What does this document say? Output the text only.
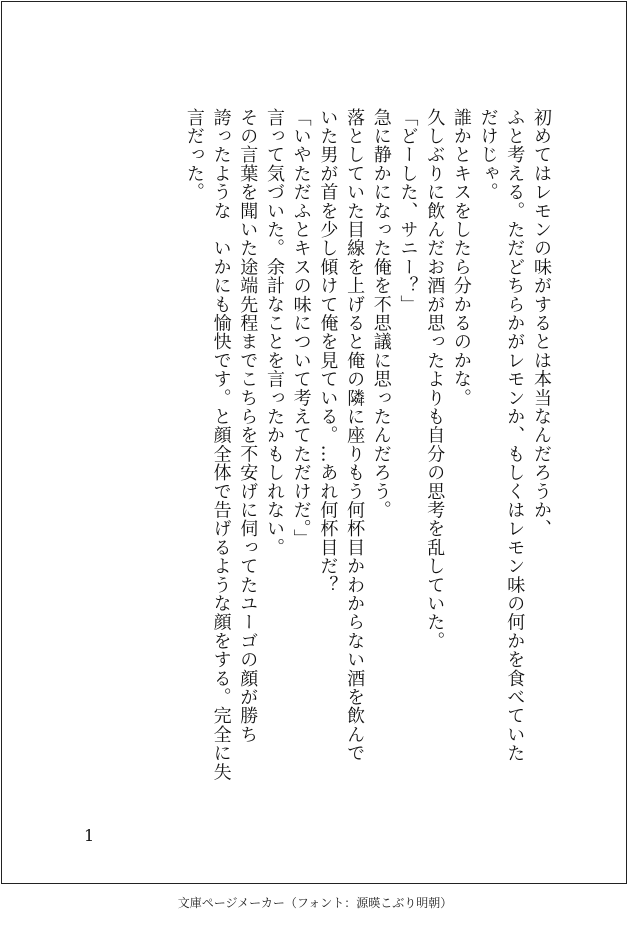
初めてはレモンの味がするとは本当なんだろうか、
ふと考える。ただどちらかがレモンか、もしくはレモン味の何かを食べていた
だけじゃ。
誰かとキスをしたら分かるのかな。
久しぶりに飲んだお酒が思ったよりも自分の思考を乱していた。
「どーした、サニー？」
急に静かになった俺を不思議に思ったんだろう。
落としていた目線を上げると俺の隣に座りもう何杯目かわからない酒を飲んで
いた男が首を少し傾けて俺を見ている。…あれ何杯目だ？
「いやただふとキスの味について考えてただけだ。」
言って気づいた。余計なことを言ったかもしれない。
その言葉を聞いた途端先程までこちらを不安げに伺ってたユーゴの顔が勝ち
誇ったような　いかにも愉快です。と顔全体で告げるような顔をする。完全に失
言だった。
1
文庫ページメーカー（フォント：源暎こぶり明朝）
